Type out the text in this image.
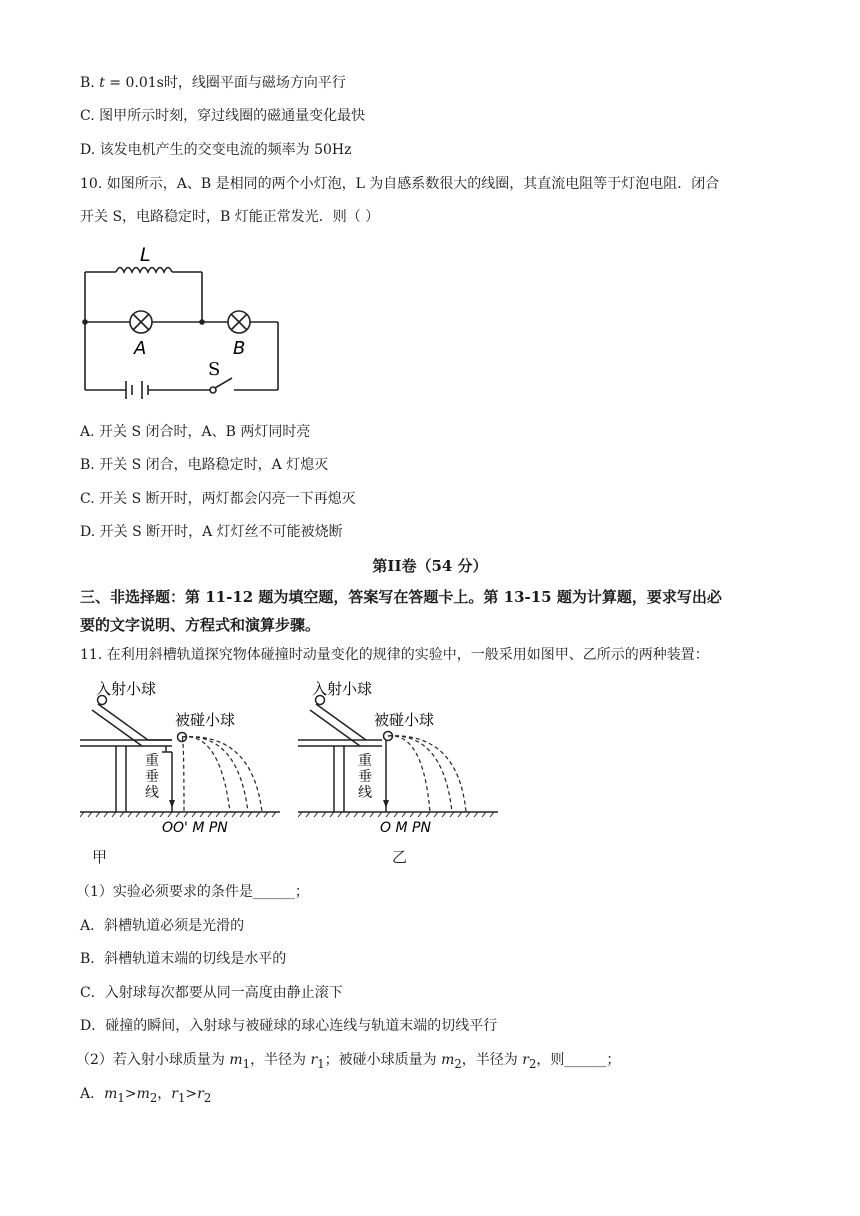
B. t = 0.01s时，线圈平面与磁场方向平行
C. 图甲所示时刻，穿过线圈的磁通量变化最快
D. 该发电机产生的交变电流的频率为 50Hz
10. 如图所示，A、B 是相同的两个小灯泡，L 为自感系数很大的线圈，其直流电阻等于灯泡电阻．闭合
开关 S，电路稳定时，B 灯能正常发光．则（ ）
L
A	B
S
A. 开关 S 闭合时，A、B 两灯同时亮
B. 开关 S 闭合，电路稳定时，A 灯熄灭
C. 开关 S 断开时，两灯都会闪亮一下再熄灭
D. 开关 S 断开时，A 灯灯丝不可能被烧断
第II卷（54 分）
三、非选择题：第 11-12 题为填空题，答案写在答题卡上。第 13-15 题为计算题，要求写出必
要的文字说明、方程式和演算步骤。
11. 在利用斜槽轨道探究物体碰撞时动量变化的规律的实验中，一般采用如图甲、乙所示的两种装置：
入射小球
被碰小球
重
垂
线
OO' M PN
甲
入射小球
被碰小球
重
垂
线
O M PN
乙
（1）实验必须要求的条件是______；
A．斜槽轨道必须是光滑的
B．斜槽轨道末端的切线是水平的
C．入射球每次都要从同一高度由静止滚下
D．碰撞的瞬间，入射球与被碰球的球心连线与轨道末端的切线平行
（2）若入射小球质量为 $m_1$，半径为 $r_1$；被碰小球质量为 $m_2$，半径为 $r_2$，则______；
A．$m_1>m_2$，$r_1>r_2$
